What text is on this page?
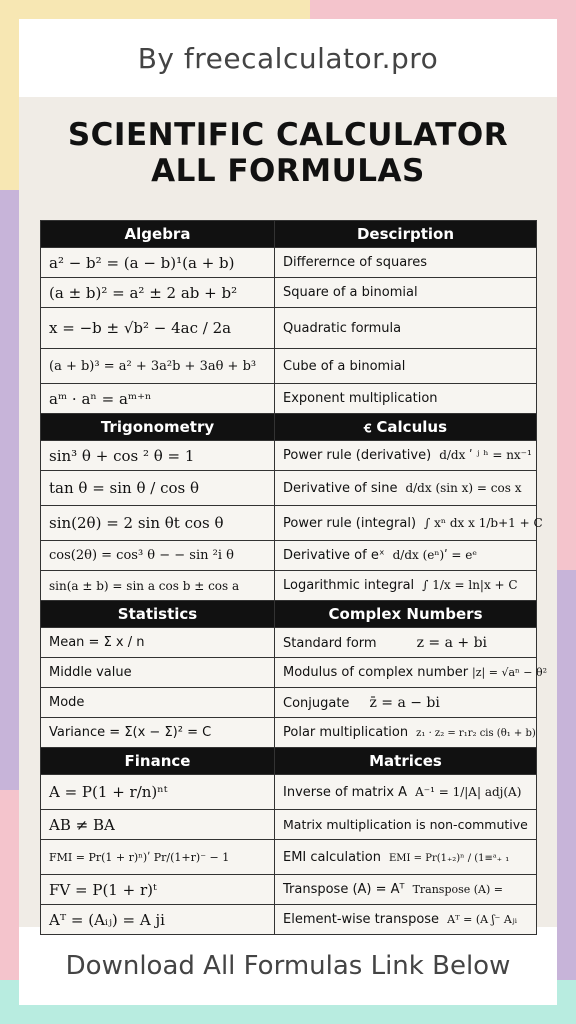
By freecalculator.pro
SCIENTIFIC CALCULATOR
ALL FORMULAS
Algebra	Descirption
a² − b² = (a − b)¹(a + b)	Differernce of squares
(a ± b)² = a² ± 2 ab + b²	Square of a binomial
x = −b ± √b² − 4ac / 2a	Quadratic formula
(a + b)³ = a² + 3a²b + 3aθ + b³	Cube of a binomial
aᵐ · aⁿ = aᵐ⁺ⁿ	Exponent multiplication
Trigonometry	ꞓ Calculus
sin³ θ + cos ² θ = 1	Power rule (derivative) d/dx ʹ ʲ ʰ = nx⁻¹
tan θ = sin θ / cos θ	Derivative of sine d/dx (sin x) = cos x
sin(2θ) = 2 sin θt cos θ	Power rule (integral) ∫ xⁿ dx x 1/b+1 + C
cos(2θ) = cos³ θ − − sin ²i θ	Derivative of eˣ d/dx (eⁿ)ʹ = eᵉ
sin(a ± b) = sin a cos b ± cos a	Logarithmic integral ∫ 1/x = ln|x + C
Statistics	Complex Numbers
Mean = Σ x / n	Standard form z = a + bi
Middle value	Modulus of complex number |z| = √aⁿ − θ²
Mode	Conjugate z̄ = a − bi
Variance = Σ(x − Σ̄)² = C	Polar multiplication z₁ · z₂ = r₁r₂ cis (θ₁ + b)
Finance	Matrices
A = P(1 + r/n)ⁿᵗ	Inverse of matrix A A⁻¹ = 1/|A| adj(A)
AB ≠ BA	Matrix multiplication is non-commutive
FMI = Pr(1 + r)ⁿ)ʹ Pr/(1+r)⁻ − 1	EMI calculation EMI = Pr(1₊₂)ⁿ / (1≡ᵃ₊ ₁
FV = P(1 + r)ᵗ	Transpose (A) = Aᵀ Transpose (A) =
Aᵀ = (Aᵢⱼ) = A ji	Element-wise transpose Aᵀ = (A ʃ⁻ Aⱼᵢ
Download All Formulas Link Below
